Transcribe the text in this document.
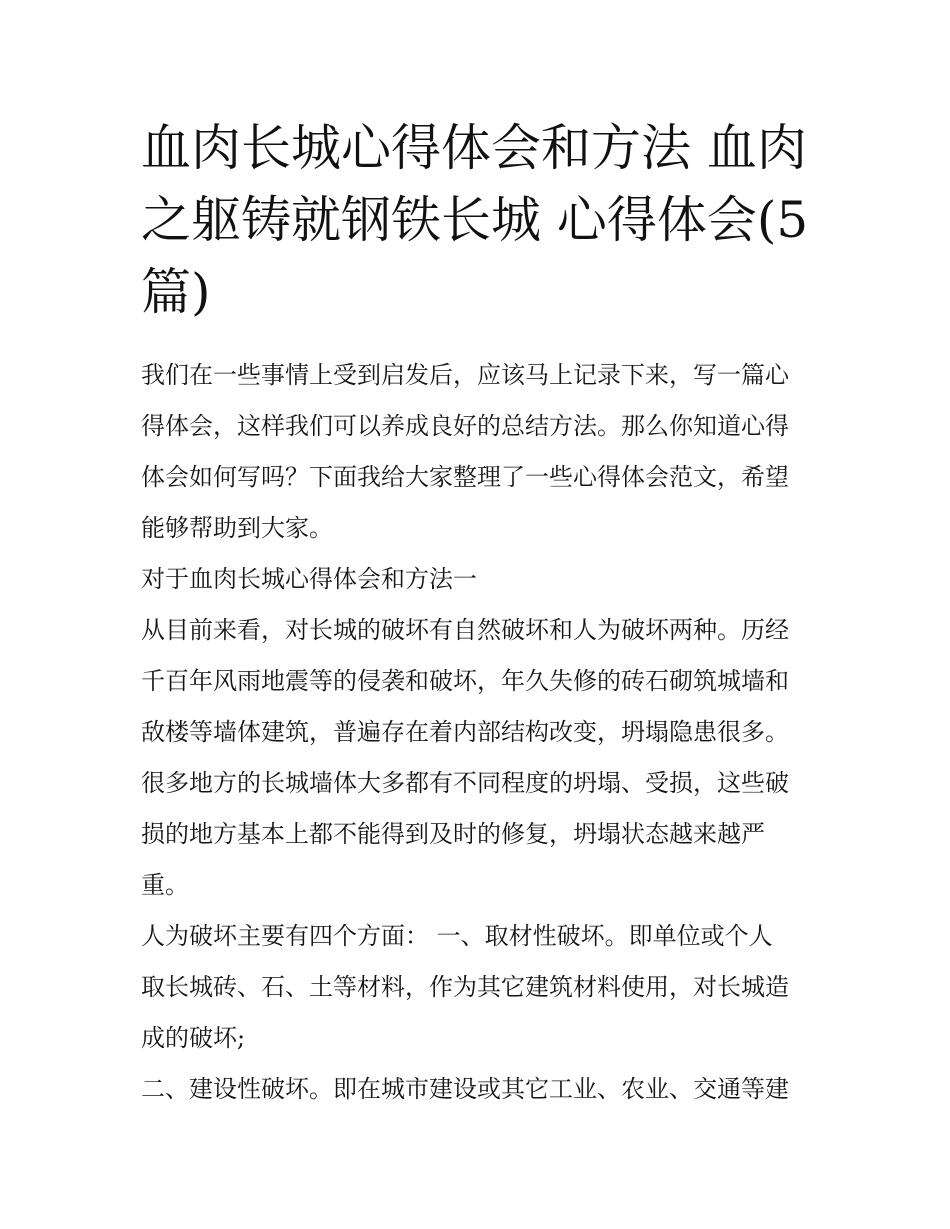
血肉长城心得体会和方法 血肉
之躯铸就钢铁长城 心得体会(5
篇)

我们在一些事情上受到启发后，应该马上记录下来，写一篇心
得体会，这样我们可以养成良好的总结方法。那么你知道心得
体会如何写吗？下面我给大家整理了一些心得体会范文，希望
能够帮助到大家。

对于血肉长城心得体会和方法一

从目前来看，对长城的破坏有自然破坏和人为破坏两种。历经
千百年风雨地震等的侵袭和破坏，年久失修的砖石砌筑城墙和
敌楼等墙体建筑，普遍存在着内部结构改变，坍塌隐患很多。
很多地方的长城墙体大多都有不同程度的坍塌、受损，这些破
损的地方基本上都不能得到及时的修复，坍塌状态越来越严
重。

人为破坏主要有四个方面： 一、取材性破坏。即单位或个人
取长城砖、石、土等材料，作为其它建筑材料使用，对长城造
成的破坏;

二、建设性破坏。即在城市建设或其它工业、农业、交通等建
